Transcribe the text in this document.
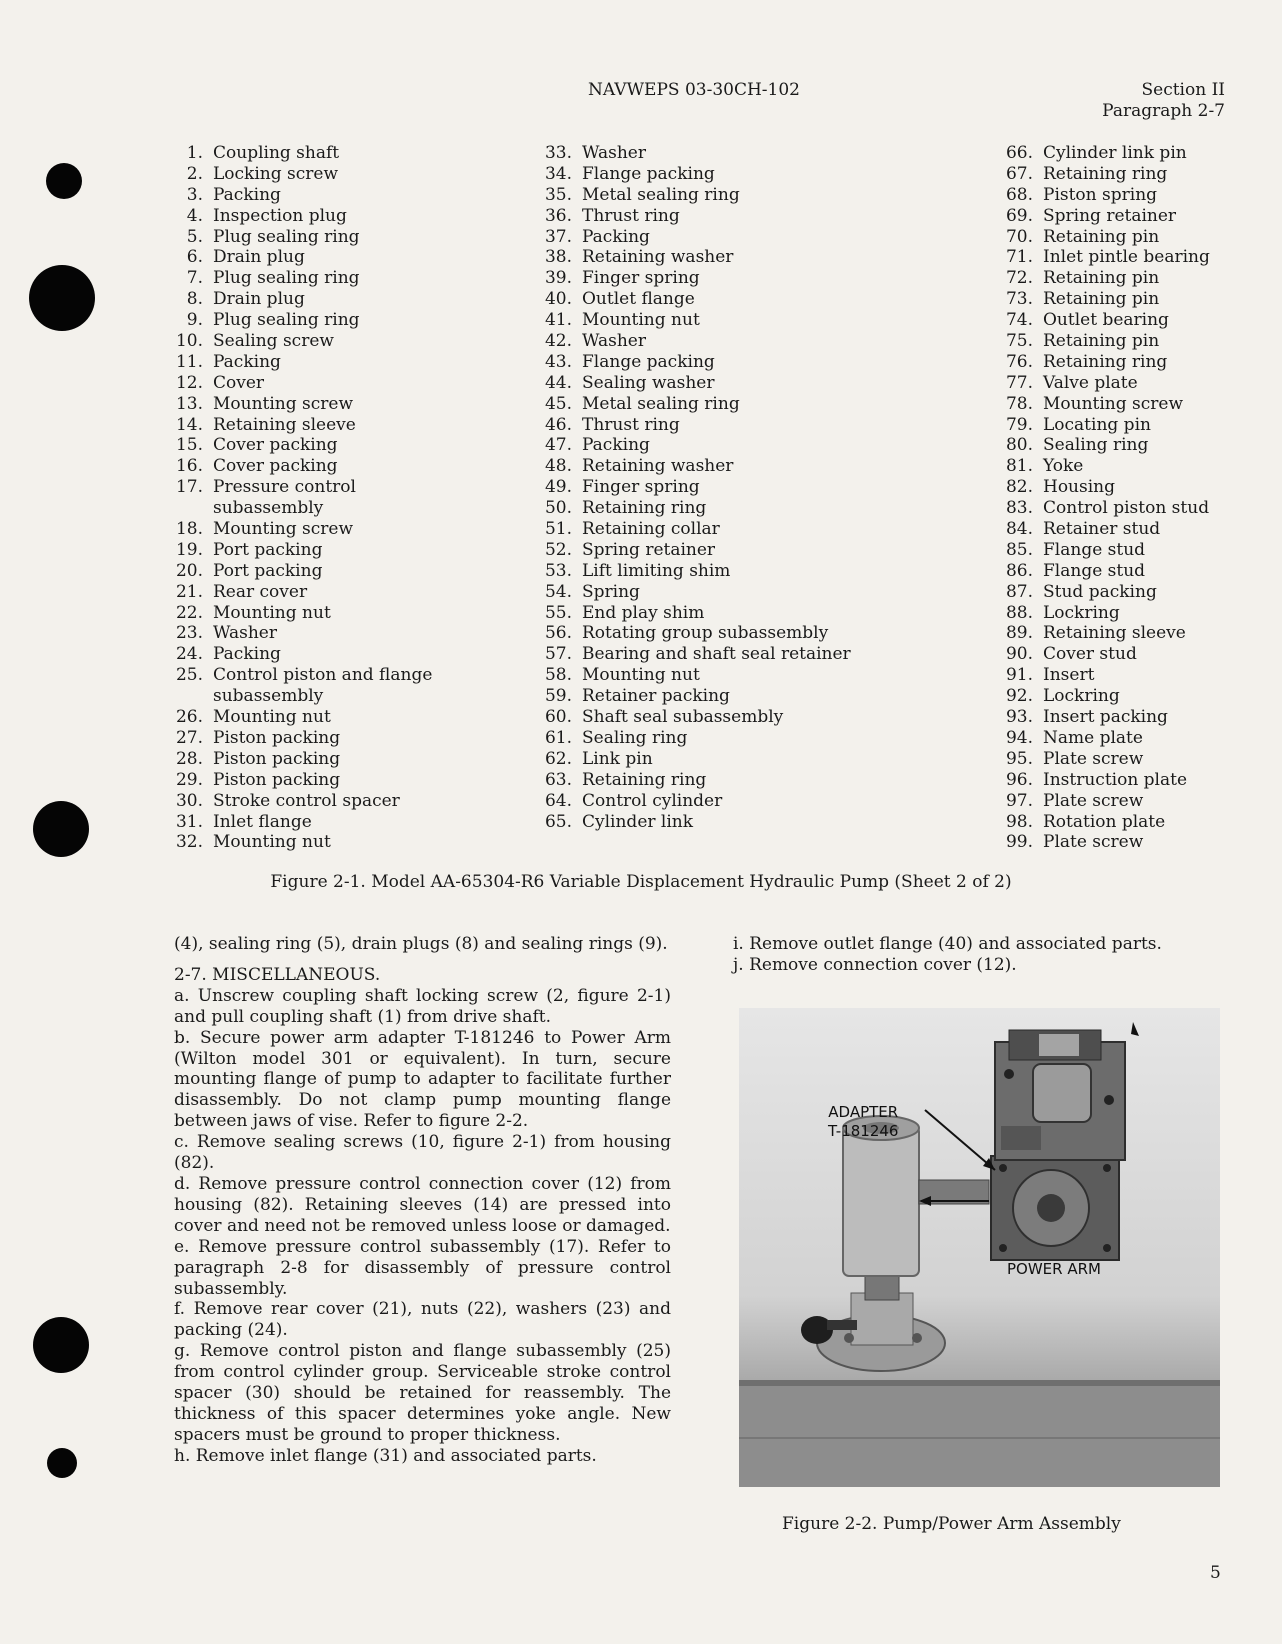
NAVWEPS 03-30CH-102	Section II
Paragraph 2-7
1. Coupling shaft
2. Locking screw
3. Packing
4. Inspection plug
5. Plug sealing ring
6. Drain plug
7. Plug sealing ring
8. Drain plug
9. Plug sealing ring
10. Sealing screw
11. Packing
12. Cover
13. Mounting screw
14. Retaining sleeve
15. Cover packing
16. Cover packing
17. Pressure control
subassembly
18. Mounting screw
19. Port packing
20. Port packing
21. Rear cover
22. Mounting nut
23. Washer
24. Packing
25. Control piston and flange
subassembly
26. Mounting nut
27. Piston packing
28. Piston packing
29. Piston packing
30. Stroke control spacer
31. Inlet flange
32. Mounting nut
33. Washer
34. Flange packing
35. Metal sealing ring
36. Thrust ring
37. Packing
38. Retaining washer
39. Finger spring
40. Outlet flange
41. Mounting nut
42. Washer
43. Flange packing
44. Sealing washer
45. Metal sealing ring
46. Thrust ring
47. Packing
48. Retaining washer
49. Finger spring
50. Retaining ring
51. Retaining collar
52. Spring retainer
53. Lift limiting shim
54. Spring
55. End play shim
56. Rotating group subassembly
57. Bearing and shaft seal retainer
58. Mounting nut
59. Retainer packing
60. Shaft seal subassembly
61. Sealing ring
62. Link pin
63. Retaining ring
64. Control cylinder
65. Cylinder link
66. Cylinder link pin
67. Retaining ring
68. Piston spring
69. Spring retainer
70. Retaining pin
71. Inlet pintle bearing
72. Retaining pin
73. Retaining pin
74. Outlet bearing
75. Retaining pin
76. Retaining ring
77. Valve plate
78. Mounting screw
79. Locating pin
80. Sealing ring
81. Yoke
82. Housing
83. Control piston stud
84. Retainer stud
85. Flange stud
86. Flange stud
87. Stud packing
88. Lockring
89. Retaining sleeve
90. Cover stud
91. Insert
92. Lockring
93. Insert packing
94. Name plate
95. Plate screw
96. Instruction plate
97. Plate screw
98. Rotation plate
99. Plate screw
Figure 2-1. Model AA-65304-R6 Variable Displacement Hydraulic Pump (Sheet 2 of 2)

(4), sealing ring (5), drain plugs (8) and sealing rings (9).

2-7. MISCELLANEOUS.

a. Unscrew coupling shaft locking screw (2, figure 2-1) and pull coupling shaft (1) from drive shaft.

b. Secure power arm adapter T-181246 to Power Arm (Wilton model 301 or equivalent). In turn, secure mounting flange of pump to adapter to facilitate further disassembly. Do not clamp pump mounting flange between jaws of vise. Refer to figure 2-2.

c. Remove sealing screws (10, figure 2-1) from housing (82).

d. Remove pressure control connection cover (12) from housing (82). Retaining sleeves (14) are pressed into cover and need not be removed unless loose or damaged.

e. Remove pressure control subassembly (17). Refer to paragraph 2-8 for disassembly of pressure control subassembly.

f. Remove rear cover (21), nuts (22), washers (23) and packing (24).

g. Remove control piston and flange subassembly (25) from control cylinder group. Serviceable stroke control spacer (30) should be retained for reassembly. The thickness of this spacer determines yoke angle. New spacers must be ground to proper thickness.

h. Remove inlet flange (31) and associated parts.

i. Remove outlet flange (40) and associated parts.

j. Remove connection cover (12).

ADAPTER
T-181246
POWER ARM
Figure 2-2. Pump/Power Arm Assembly
5
